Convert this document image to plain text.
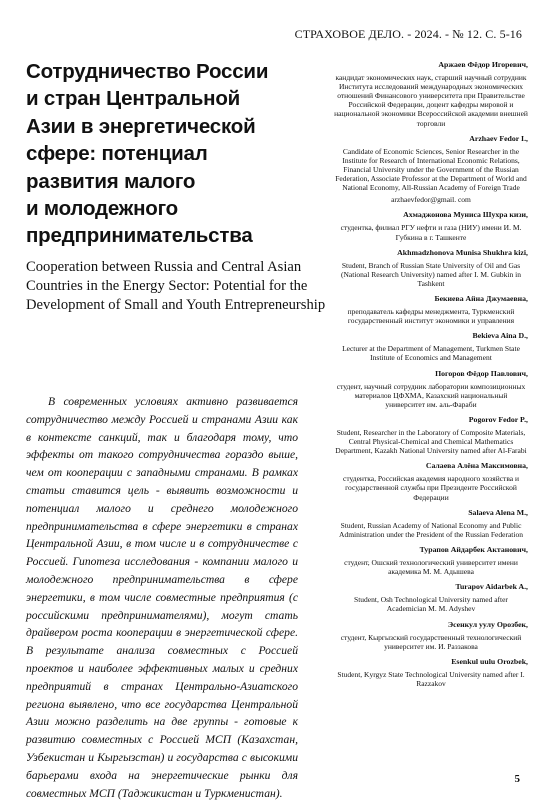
СТРАХОВОЕ ДЕЛО. - 2024. - № 12. С. 5-16
Сотрудничество России
и стран Центральной
Азии в энергетической
сфере: потенциал
развития малого
и молодежного
предпринимательства
Cooperation between Russia and Central Asian Countries in the Energy Sector: Potential for the Development of Small and Youth Entrepreneurship

В современных условиях активно развивается сотрудничество между Россией и странами Азии как в контексте санкций, так и благодаря тому, что эффекты от такого сотрудничества гораздо выше, чем от кооперации с западными странами. В рамках статьи ставится цель - выявить возможности и потенциал малого и среднего молодежного предпринимательства в сфере энергетики в странах Центральной Азии, в том числе и в сотрудничестве с Россией. Гипотеза исследования - компании малого и молодежного предпринимательства в сфере энергетики, в том числе совместные предприятия (с российскими предпринимателями), могут стать драйвером роста кооперации в энергетической сфере. В результате анализа совместных с Россией проектов и наиболее эффективных малых и средних предприятий в странах Центрально-Азиатского региона выявлено, что все государства Центральной Азии можно разделить на две группы - готовые к развитию совместных с Россией МСП (Казахстан, Узбекистан и Кыргызстан) и государства с высокими барьерами входа на энергетические рынки для совместных МСП (Таджикистан и Туркменистан).

Аржаев Фёдор Игоревич,
кандидат экономических наук, старший научный сотрудник Института исследований международных экономических отношений Финансового университета при Правительстве Российской Федерации, доцент кафедры мировой и национальной экономики Всероссийской академии внешней торговли
Arzhaev Fedor I.,
Candidate of Economic Sciences, Senior Researcher in the Institute for Research of International Economic Relations, Financial University under the Government of the Russian Federation, Associate Professor at the Department of World and National Economy, All-Russian Academy of Foreign Trade
arzhaevfedor@gmail. com
Ахмаджонова Муниса Шухра кизи,
студентка, филиал РГУ нефти и газа (НИУ) имени И. М. Губкина в г. Ташкенте
Akhmadzhonova Munisa Shukhra kizi,
Student, Branch of Russian State University of Oil and Gas (National Research University) named after I. M. Gubkin in Tashkent
Бекиева Айна Джумаевна,
преподаватель кафедры менеджмента, Туркменский государственный институт экономики и управления
Bekieva Aina D.,
Lecturer at the Department of Management, Turkmen State Institute of Economics and Management
Погоров Фёдор Павлович,
студент, научный сотрудник лаборатории композиционных материалов ЦФХМА, Казахский национальный университет им. аль-Фараби
Pogorov Fedor P.,
Student, Researcher in the Laboratory of Composite Materials, Central Physical-Chemical and Chemical Mathematics Department, Kazakh National University named after Al-Farabi
Салаева Алёна Максимовна,
студентка, Российская академия народного хозяйства и государственной службы при Президенте Российской Федерации
Salaeva Alena M.,
Student, Russian Academy of National Economy and Public Administration under the President of the Russian Federation
Турапов Айдарбек Актанович,
студент, Ошский технологический университет имени академика М. М. Адышева
Turapov Aidarbek A.,
Student, Osh Technological University named after Academician M. M. Adyshev
Эсенкул уулу Орозбек,
студент, Кыргызский государственный технологический университет им. И. Раззакова
Esenkul uulu Orozbek,
Student, Kyrgyz State Technological University named after I. Razzakov
5
